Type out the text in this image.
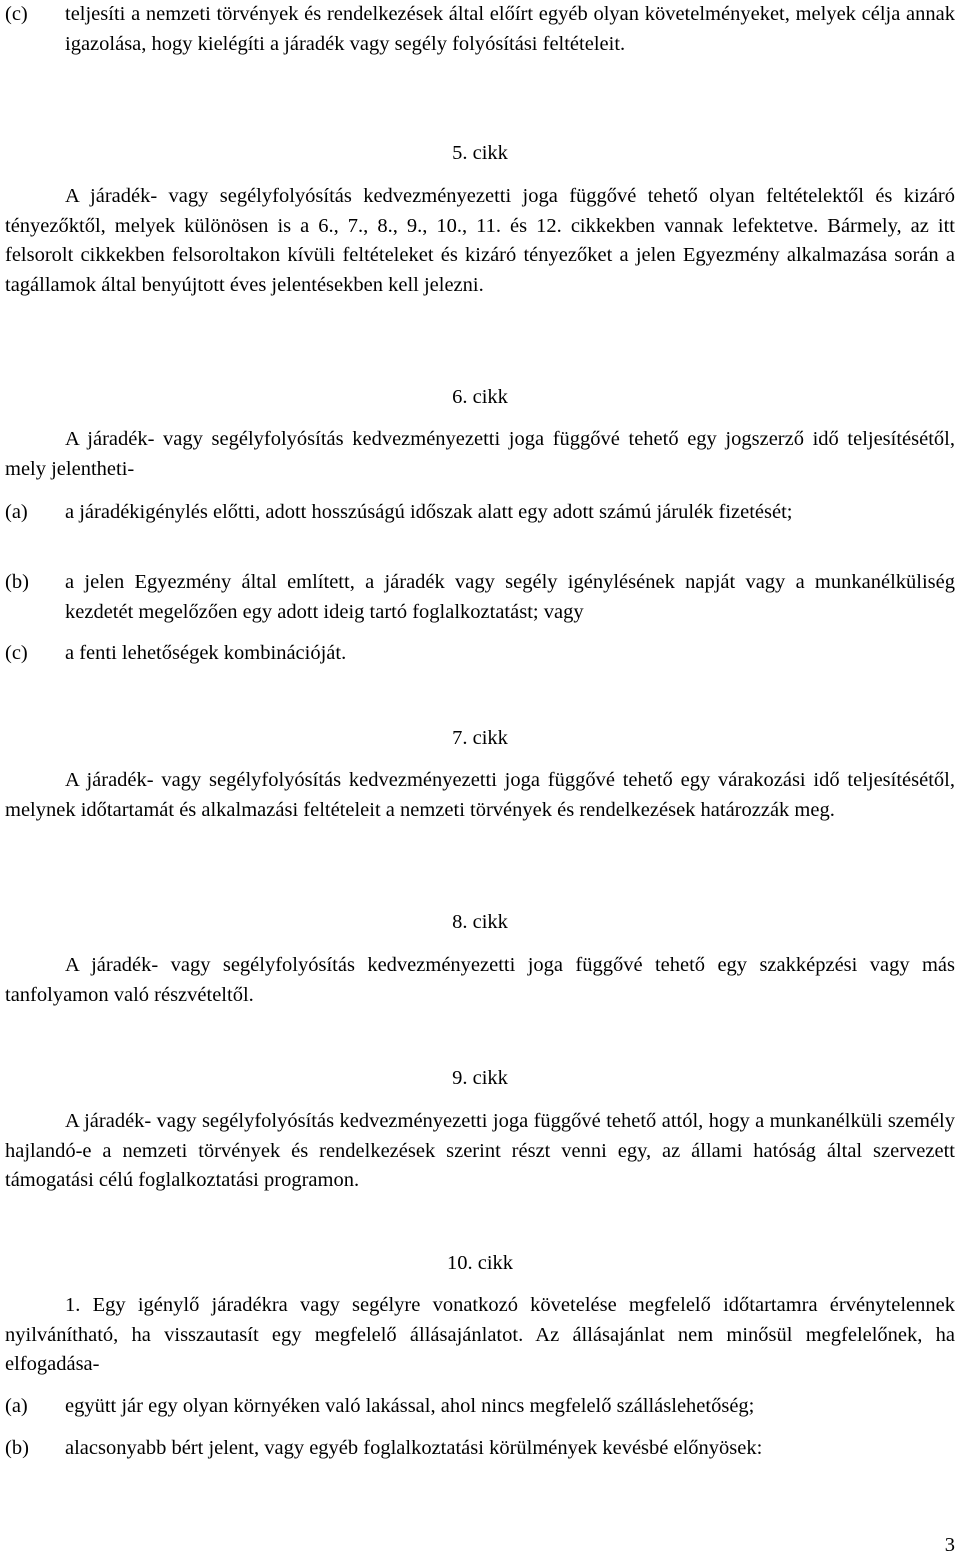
(c)	teljesíti a nemzeti törvények és rendelkezések által előírt egyéb olyan követelményeket, melyek célja annak igazolása, hogy kielégíti a járadék vagy segély folyósítási feltételeit.
5. cikk

A járadék- vagy segélyfolyósítás kedvezményezetti joga függővé tehető olyan feltételektől és kizáró tényezőktől, melyek különösen is a 6., 7., 8., 9., 10., 11. és 12. cikkekben vannak lefektetve. Bármely, az itt felsorolt cikkekben felsoroltakon kívüli feltételeket és kizáró tényezőket a jelen Egyezmény alkalmazása során a tagállamok által benyújtott éves jelentésekben kell jelezni.

6. cikk

A járadék- vagy segélyfolyósítás kedvezményezetti joga függővé tehető egy jogszerző idő teljesítésétől, mely jelentheti-

(a)	a járadékigénylés előtti, adott hosszúságú időszak alatt egy adott számú járulék fizetését;
(b)	a jelen Egyezmény által említett, a járadék vagy segély igénylésének napját vagy a munkanélküliség kezdetét megelőzően egy adott ideig tartó foglalkoztatást; vagy
(c)	a fenti lehetőségek kombinációját.
7. cikk

A járadék- vagy segélyfolyósítás kedvezményezetti joga függővé tehető egy várakozási idő teljesítésétől, melynek időtartamát és alkalmazási feltételeit a nemzeti törvények és rendelkezések határozzák meg.

8. cikk

A járadék- vagy segélyfolyósítás kedvezményezetti joga függővé tehető egy szakképzési vagy más tanfolyamon való részvételtől.

9. cikk

A járadék- vagy segélyfolyósítás kedvezményezetti joga függővé tehető attól, hogy a munkanélküli személy hajlandó-e a nemzeti törvények és rendelkezések szerint részt venni egy, az állami hatóság által szervezett támogatási célú foglalkoztatási programon.

10. cikk

1. Egy igénylő járadékra vagy segélyre vonatkozó követelése megfelelő időtartamra érvénytelennek nyilvánítható, ha visszautasít egy megfelelő állásajánlatot. Az állásajánlat nem minősül megfelelőnek, ha elfogadása-

(a)	együtt jár egy olyan környéken való lakással, ahol nincs megfelelő szálláslehetőség;
(b)	alacsonyabb bért jelent, vagy egyéb foglalkoztatási körülmények kevésbé előnyösek:
3
